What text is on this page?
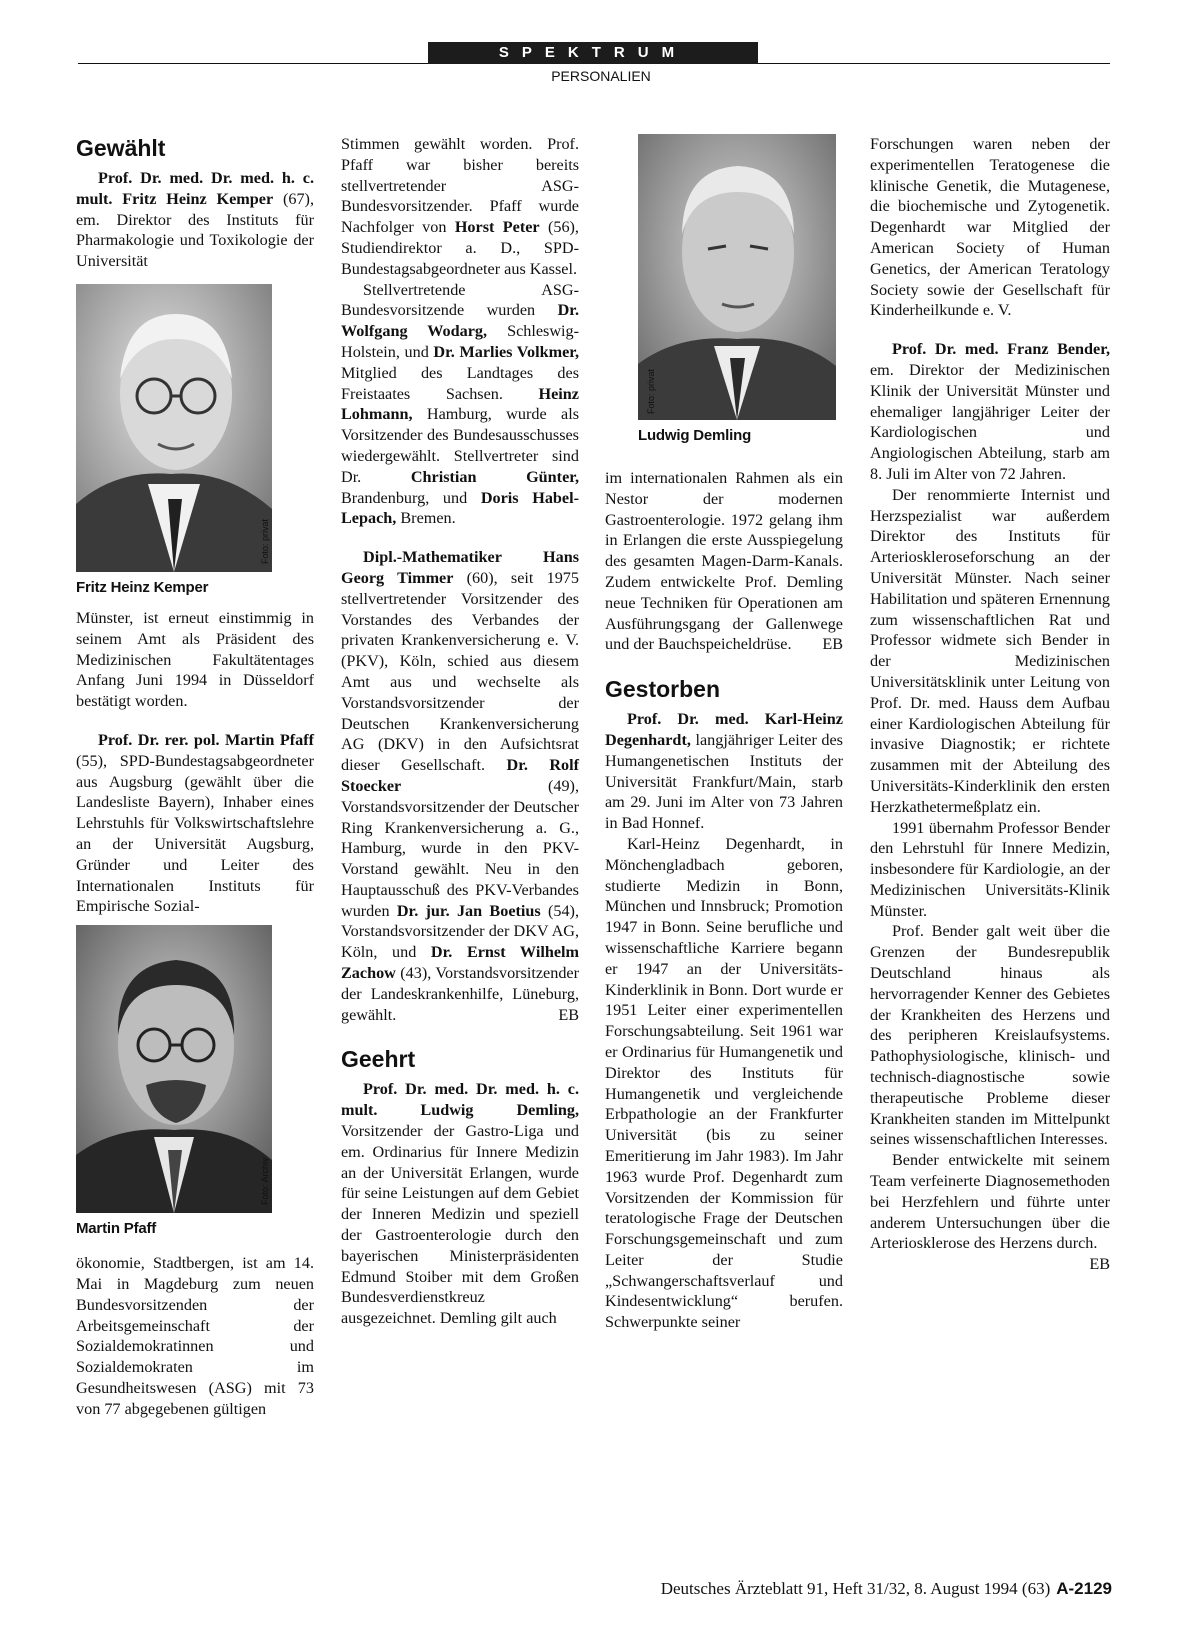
SPEKTRUM
PERSONALIEN
Gewählt

Prof. Dr. med. Dr. med. h. c. mult. Fritz Heinz Kemper (67), em. Direktor des Instituts für Pharmakologie und Toxikologie der Universität

Foto: privat
Fritz Heinz Kemper

Münster, ist erneut einstimmig in seinem Amt als Präsident des Medizinischen Fakultätentages Anfang Juni 1994 in Düsseldorf bestätigt worden.

Prof. Dr. rer. pol. Martin Pfaff (55), SPD-Bundestagsabgeordneter aus Augsburg (gewählt über die Landesliste Bayern), Inhaber eines Lehrstuhls für Volkswirtschaftslehre an der Universität Augsburg, Gründer und Leiter des Internationalen Instituts für Empirische Sozial-

Foto: Archiv
Martin Pfaff

ökonomie, Stadtbergen, ist am 14. Mai in Magdeburg zum neuen Bundesvorsitzenden der Arbeitsgemeinschaft der Sozialdemokratinnen und Sozialdemokraten im Gesundheitswesen (ASG) mit 73 von 77 abgegebenen gültigen

Stimmen gewählt worden. Prof. Pfaff war bisher bereits stellvertretender ASG-Bundesvorsitzender. Pfaff wurde Nachfolger von Horst Peter (56), Studiendirektor a. D., SPD-Bundestagsabgeordneter aus Kassel.

Stellvertretende ASG-Bundesvorsitzende wurden Dr. Wolfgang Wodarg, Schleswig-Holstein, und Dr. Marlies Volkmer, Mitglied des Landtages des Freistaates Sachsen. Heinz Lohmann, Hamburg, wurde als Vorsitzender des Bundesausschusses wiedergewählt. Stellvertreter sind Dr. Christian Günter, Brandenburg, und Doris Habel-Lepach, Bremen.

Dipl.-Mathematiker Hans Georg Timmer (60), seit 1975 stellvertretender Vorsitzender des Vorstandes des Verbandes der privaten Krankenversicherung e. V. (PKV), Köln, schied aus diesem Amt aus und wechselte als Vorstandsvorsitzender der Deutschen Krankenversicherung AG (DKV) in den Aufsichtsrat dieser Gesellschaft. Dr. Rolf Stoecker (49), Vorstandsvorsitzender der Deutscher Ring Krankenversicherung a. G., Hamburg, wurde in den PKV-Vorstand gewählt. Neu in den Hauptausschuß des PKV-Verbandes wurden Dr. jur. Jan Boetius (54), Vorstandsvorsitzender der DKV AG, Köln, und Dr. Ernst Wilhelm Zachow (43), Vorstandsvorsitzender der Landeskrankenhilfe, Lüneburg, gewählt.	EB

Geehrt

Prof. Dr. med. Dr. med. h. c. mult. Ludwig Demling, Vorsitzender der Gastro-Liga und em. Ordinarius für Innere Medizin an der Universität Erlangen, wurde für seine Leistungen auf dem Gebiet der Inneren Medizin und speziell der Gastroenterologie durch den bayerischen Ministerpräsidenten Edmund Stoiber mit dem Großen Bundesverdienstkreuz ausgezeichnet. Demling gilt auch

Foto: privat
Ludwig Demling

im internationalen Rahmen als ein Nestor der modernen Gastroenterologie. 1972 gelang ihm in Erlangen die erste Ausspiegelung des gesamten Magen-Darm-Kanals. Zudem entwickelte Prof. Demling neue Techniken für Operationen am Ausführungsgang der Gallenwege und der Bauchspeicheldrüse. EB

Gestorben

Prof. Dr. med. Karl-Heinz Degenhardt, langjähriger Leiter des Humangenetischen Instituts der Universität Frankfurt/Main, starb am 29. Juni im Alter von 73 Jahren in Bad Honnef.

Karl-Heinz Degenhardt, in Mönchengladbach geboren, studierte Medizin in Bonn, München und Innsbruck; Promotion 1947 in Bonn. Seine berufliche und wissenschaftliche Karriere begann er 1947 an der Universitäts-Kinderklinik in Bonn. Dort wurde er 1951 Leiter einer experimentellen Forschungsabteilung. Seit 1961 war er Ordinarius für Humangenetik und Direktor des Instituts für Humangenetik und vergleichende Erbpathologie an der Frankfurter Universität (bis zu seiner Emeritierung im Jahr 1983). Im Jahr 1963 wurde Prof. Degenhardt zum Vorsitzenden der Kommission für teratologische Frage der Deutschen Forschungsgemeinschaft und zum Leiter der Studie „Schwangerschaftsverlauf und Kindesentwicklung“ berufen. Schwerpunkte seiner

Forschungen waren neben der experimentellen Teratogenese die klinische Genetik, die Mutagenese, die biochemische und Zytogenetik. Degenhardt war Mitglied der American Society of Human Genetics, der American Teratology Society sowie der Gesellschaft für Kinderheilkunde e. V.

Prof. Dr. med. Franz Bender, em. Direktor der Medizinischen Klinik der Universität Münster und ehemaliger langjähriger Leiter der Kardiologischen und Angiologischen Abteilung, starb am 8. Juli im Alter von 72 Jahren.

Der renommierte Internist und Herzspezialist war außerdem Direktor des Instituts für Arterioskleroseforschung an der Universität Münster. Nach seiner Habilitation und späteren Ernennung zum wissenschaftlichen Rat und Professor widmete sich Bender in der Medizinischen Universitätsklinik unter Leitung von Prof. Dr. med. Hauss dem Aufbau einer Kardiologischen Abteilung für invasive Diagnostik; er richtete zusammen mit der Abteilung des Universitäts-Kinderklinik den ersten Herzkathetermeßplatz ein.

1991 übernahm Professor Bender den Lehrstuhl für Innere Medizin, insbesondere für Kardiologie, an der Medizinischen Universitäts-Klinik Münster.

Prof. Bender galt weit über die Grenzen der Bundesrepublik Deutschland hinaus als hervorragender Kenner des Gebietes der Krankheiten des Herzens und des peripheren Kreislaufsystems. Pathophysiologische, klinisch- und technisch-diagnostische sowie therapeutische Probleme dieser Krankheiten standen im Mittelpunkt seines wissenschaftlichen Interesses.

Bender entwickelte mit seinem Team verfeinerte Diagnosemethoden bei Herzfehlern und führte unter anderem Untersuchungen über die Arteriosklerose des Herzens durch.
EB

Deutsches Ärzteblatt 91, Heft 31/32, 8. August 1994 (63) A-2129
